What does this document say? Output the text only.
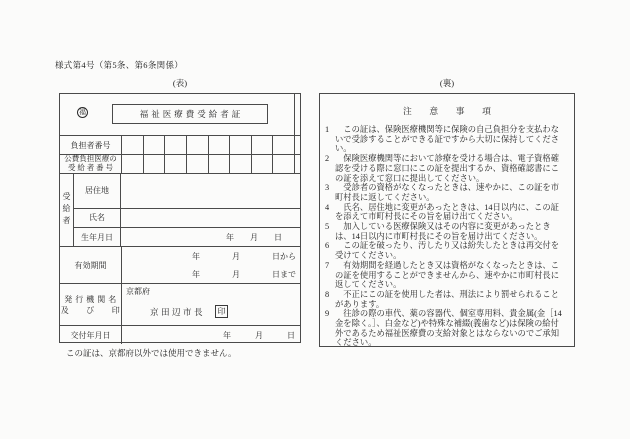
様式第4号（第5条、第6条関係）
(表)	(裏)
福	福祉医療費受給者証
負担者番号
公費負担医療の
受 給 者 番 号
受給者
居住地
氏名
生年月日	年　　月　　日
有効期間
年　　　　月　　　　日から
年　　　　月　　　　日まで
発 行 機 関 名
及　　び　　印
京都府
京田辺市長	印
交付年月日	年　　　月　　　日
この証は、京都府以外では使用できません。
注　　意　　事　　項
1	この証は、保険医療機関等に保険の自己負担分を支払わないで受診することができる証ですから大切に保持してください。
2	保険医療機関等において診療を受ける場合は、電子資格確認を受ける際に窓口にこの証を提出するか、資格確認書にこの証を添えて窓口に提出してください。
3	受診者の資格がなくなったときは、速やかに、この証を市町村長に返してください。
4	氏名、居住地に変更があったときは、14日以内に、この証を添えて市町村長にその旨を届け出てください。
5	加入している医療保険又はその内容に変更があったときは、14日以内に市町村長にその旨を届け出てください。
6	この証を破ったり、汚したり又は紛失したときは再交付を受けてください。
7	有効期間を経過したとき又は資格がなくなったときは、この証を使用することができませんから、速やかに市町村長に返してください。
8	不正にこの証を使用した者は、刑法により罰せられることがあります。
9	往診の際の車代、薬の容器代、個室専用料、貴金属(金［14金を除く。］、白金など)や特殊な補綴(義歯など)は保険の給付外であるため福祉医療費の支給対象とはならないのでご承知ください。
